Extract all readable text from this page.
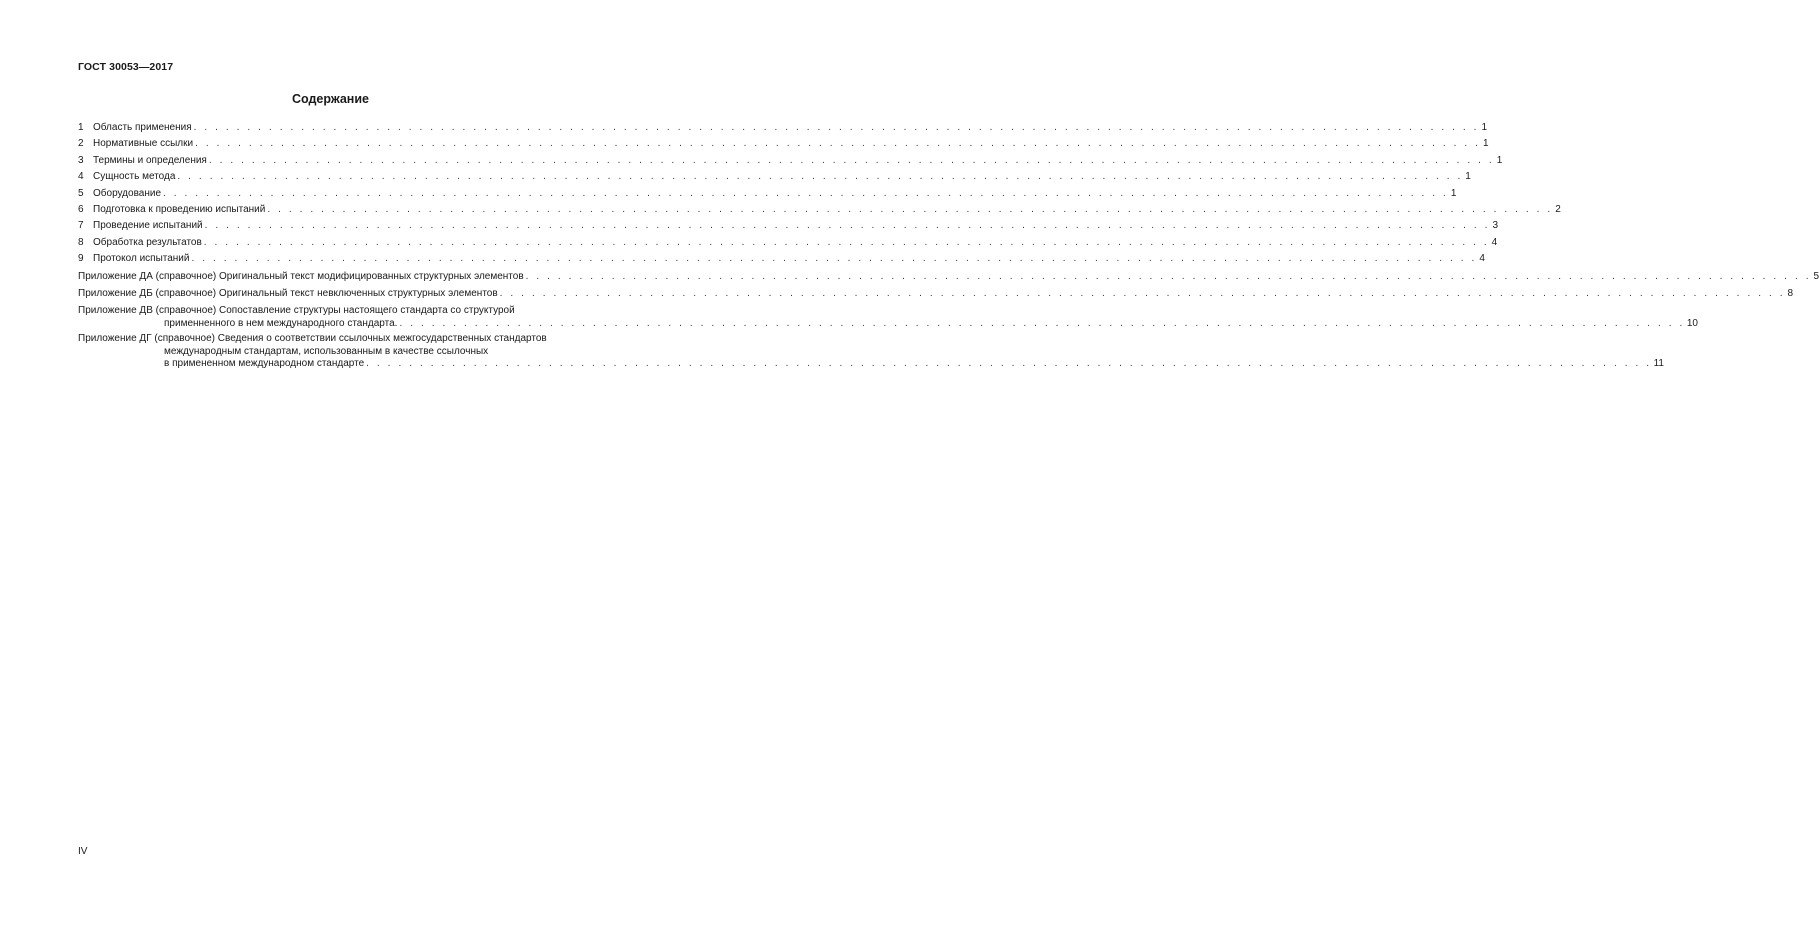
ГОСТ 30053—2017
Содержание
1 Область применения . . . . . . . . . . . . . . . . . . . . . . . . . . . . . . . . . . . . . . . . . . . . . . . . . . . . . . . . . . . . . . . . . . . . . . . . . . . . . . . . . . . . . . . . . . . . . . . . . . . . . . . . . . . . . . . . . . . . . . . . 1
2 Нормативные ссылки . . . . . . . . . . . . . . . . . . . . . . . . . . . . . . . . . . . . . . . . . . . . . . . . . . . . . . . . . . . . . . . . . . . . . . . . . . . . . . . . . . . . . . . . . . . . . . . . . . . . . . . . . . . . . . . . . . . . . . . . 1
3 Термины и определения . . . . . . . . . . . . . . . . . . . . . . . . . . . . . . . . . . . . . . . . . . . . . . . . . . . . . . . . . . . . . . . . . . . . . . . . . . . . . . . . . . . . . . . . . . . . . . . . . . . . . . . . . . . . . . . . . . . . . . . . 1
4 Сущность метода . . . . . . . . . . . . . . . . . . . . . . . . . . . . . . . . . . . . . . . . . . . . . . . . . . . . . . . . . . . . . . . . . . . . . . . . . . . . . . . . . . . . . . . . . . . . . . . . . . . . . . . . . . . . . . . . . . . . . . . . 1
5 Оборудование . . . . . . . . . . . . . . . . . . . . . . . . . . . . . . . . . . . . . . . . . . . . . . . . . . . . . . . . . . . . . . . . . . . . . . . . . . . . . . . . . . . . . . . . . . . . . . . . . . . . . . . . . . . . . . . . . . . . . . . . 1
6 Подготовка к проведению испытаний . . . . . . . . . . . . . . . . . . . . . . . . . . . . . . . . . . . . . . . . . . . . . . . . . . . . . . . . . . . . . . . . . . . . . . . . . . . . . . . . . . . . . . . . . . . . . . . . . . . . . . . . . . . . . . . . . . . . . . . . 2
7 Проведение испытаний . . . . . . . . . . . . . . . . . . . . . . . . . . . . . . . . . . . . . . . . . . . . . . . . . . . . . . . . . . . . . . . . . . . . . . . . . . . . . . . . . . . . . . . . . . . . . . . . . . . . . . . . . . . . . . . . . . . . . . . . 3
8 Обработка результатов . . . . . . . . . . . . . . . . . . . . . . . . . . . . . . . . . . . . . . . . . . . . . . . . . . . . . . . . . . . . . . . . . . . . . . . . . . . . . . . . . . . . . . . . . . . . . . . . . . . . . . . . . . . . . . . . . . . . . . . . 4
9 Протокол испытаний . . . . . . . . . . . . . . . . . . . . . . . . . . . . . . . . . . . . . . . . . . . . . . . . . . . . . . . . . . . . . . . . . . . . . . . . . . . . . . . . . . . . . . . . . . . . . . . . . . . . . . . . . . . . . . . . . . . . . . . . 4
Приложение ДА (справочное) Оригинальный текст модифицированных структурных элементов . . . . . . . . . . . . . . . . . . . . . . . . . . . . . . . . . . . . . . . . . . . . . . . . . . . . . . . . . . . . . . . . . . . . . . . . . . . . . . . . . . . . . . . . . . . . . . . . . . . . . . . . . . . . . . . . . . . . . . . . 5
Приложение ДБ (справочное) Оригинальный текст невключенных структурных элементов . . . . . . . . . . . . . . . . . . . . . . . . . . . . . . . . . . . . . . . . . . . . . . . . . . . . . . . . . . . . . . . . . . . . . . . . . . . . . . . . . . . . . . . . . . . . . . . . . . . . . . . . . . . . . . . . . . . . . . . . 8
Приложение ДВ (справочное) Сопоставление структуры настоящего стандарта со структурой
применненного в нем международного стандарта. . . . . . . . . . . . . . . . . . . . . . . . . . . . . . . . . . . . . . . . . . . . . . . . . . . . . . . . . . . . . . . . . . . . . . . . . . . . . . . . . . . . . . . . . . . . . . . . . . . . . . . . . . . . . . . . . . . . . . . . . 10
Приложение ДГ (справочное) Сведения о соответствии ссылочных межгосударственных стандартов
международным стандартам, использованным в качестве ссылочных
в примененном международном стандарте . . . . . . . . . . . . . . . . . . . . . . . . . . . . . . . . . . . . . . . . . . . . . . . . . . . . . . . . . . . . . . . . . . . . . . . . . . . . . . . . . . . . . . . . . . . . . . . . . . . . . . . . . . . . . . . . . . . . . . . . 11
IV
